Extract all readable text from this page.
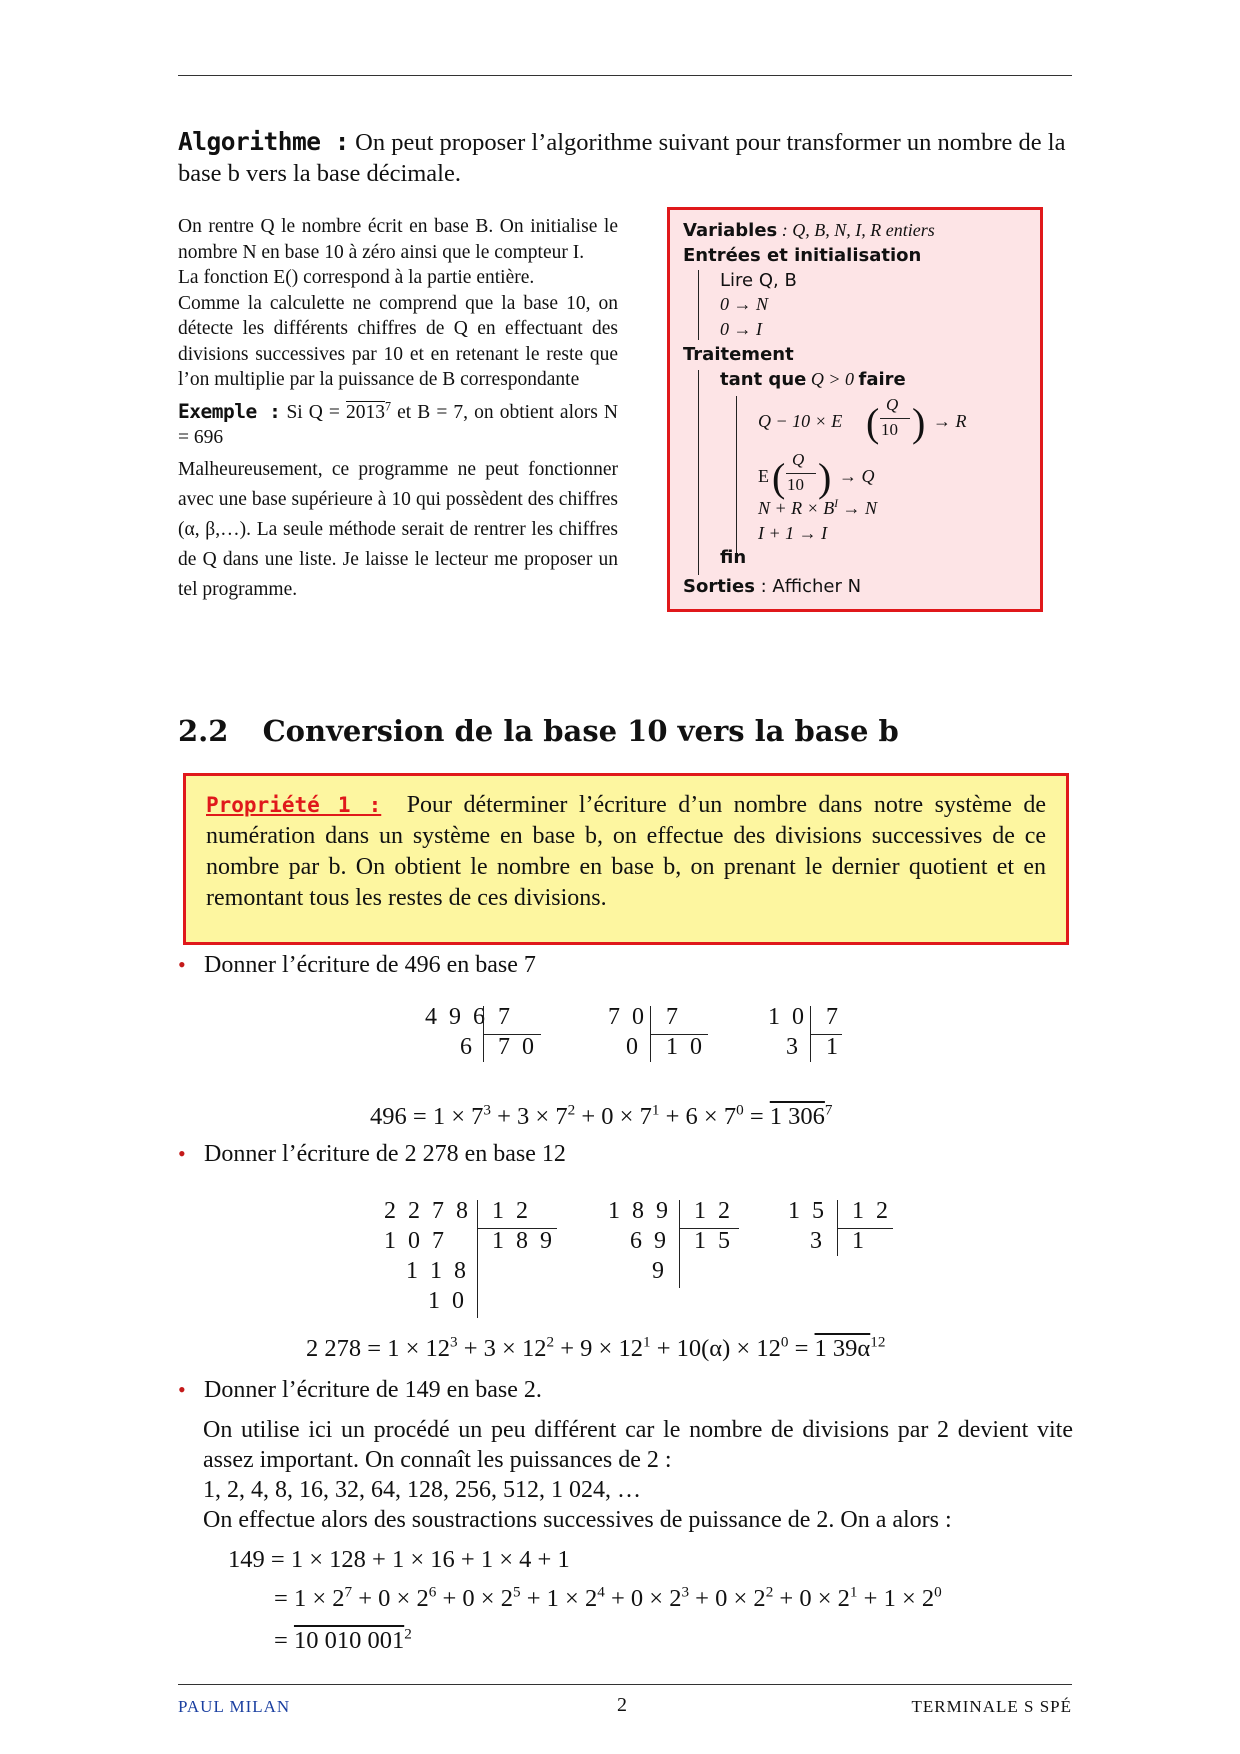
Algorithme : On peut proposer l’algorithme suivant pour transformer un nombre de la base b vers la base décimale.

On rentre Q le nombre écrit en base B. On initialise le nombre N en base 10 à zéro ainsi que le compteur I.

La fonction E() correspond à la partie entière.

Comme la calculette ne comprend que la base 10, on détecte les différents chiffres de Q en effectuant des divisions successives par 10 et en retenant le reste que l’on multiplie par la puissance de B correspondante

Exemple : Si $Q = 2013^7$ et B = 7, on obtient alors N = 696

Malheureusement, ce programme ne peut fonctionner avec une base supérieure à 10 qui possèdent des chiffres (α, β,…). La seule méthode serait de rentrer les chiffres de Q dans une liste. Je laisse le lecteur me proposer un tel programme.

Variables : Q, B, N, I, R entiers
Entrées et initialisation
Lire Q, B
0 → N
0 → I
Traitement
tant que Q > 0 faire
Q − 10 × E ( Q
10 ) → R
E ( Q
10 ) → Q
$N + R \times B^I \to N$
I + 1 → I
fin
Sorties : Afficher N
2.2 Conversion de la base 10 vers la base b
Propriété 1 : Pour déterminer l’écriture d’un nombre dans notre système de numération dans un système en base b, on effectue des divisions successives de ce nombre par b. On obtient le nombre en base b, on prenant le dernier quotient et en remontant tous les restes de ces divisions.
• Donner l’écriture de 496 en base 7
4 9 6
6
7
7 0
7 0
0
7
1 0
1 0
3
7
1
$496 = 1 \times 7^3 + 3 \times 7^2 + 0 \times 7^1 + 6 \times 7^0 = 1$ $306^7$
• Donner l’écriture de 2 278 en base 12
2 2 7 8
1 0 7
1 1 8
1 0
1 2
1 8 9
1 8 9
6 9
9
1 2
1 5
1 5
3
1 2
1
2 $278 = 1 \times 12^3 + 3 \times 12^2 + 9 \times 12^1 + 10(\alpha) \times 12^0 = 1$ $39\alpha^{12}$
• Donner l’écriture de 149 en base 2.
On utilise ici un procédé un peu différent car le nombre de divisions par 2 devient vite assez important. On connaît les puissances de 2 :
1, 2, 4, 8, 16, 32, 64, 128, 256, 512, 1 024, …
On effectue alors des soustractions successives de puissance de 2. On a alors :
149 = 1 × 128 + 1 × 16 + 1 × 4 + 1
= $1 \times 2^7 + 0 \times 2^6 + 0 \times 2^5 + 1 \times 2^4 + 0 \times 2^3 + 0 \times 2^2 + 0 \times 2^1 + 1 \times 2^0$
= 10 010 $001^2$
PAUL MILAN	2	TERMINALE S SPÉ
